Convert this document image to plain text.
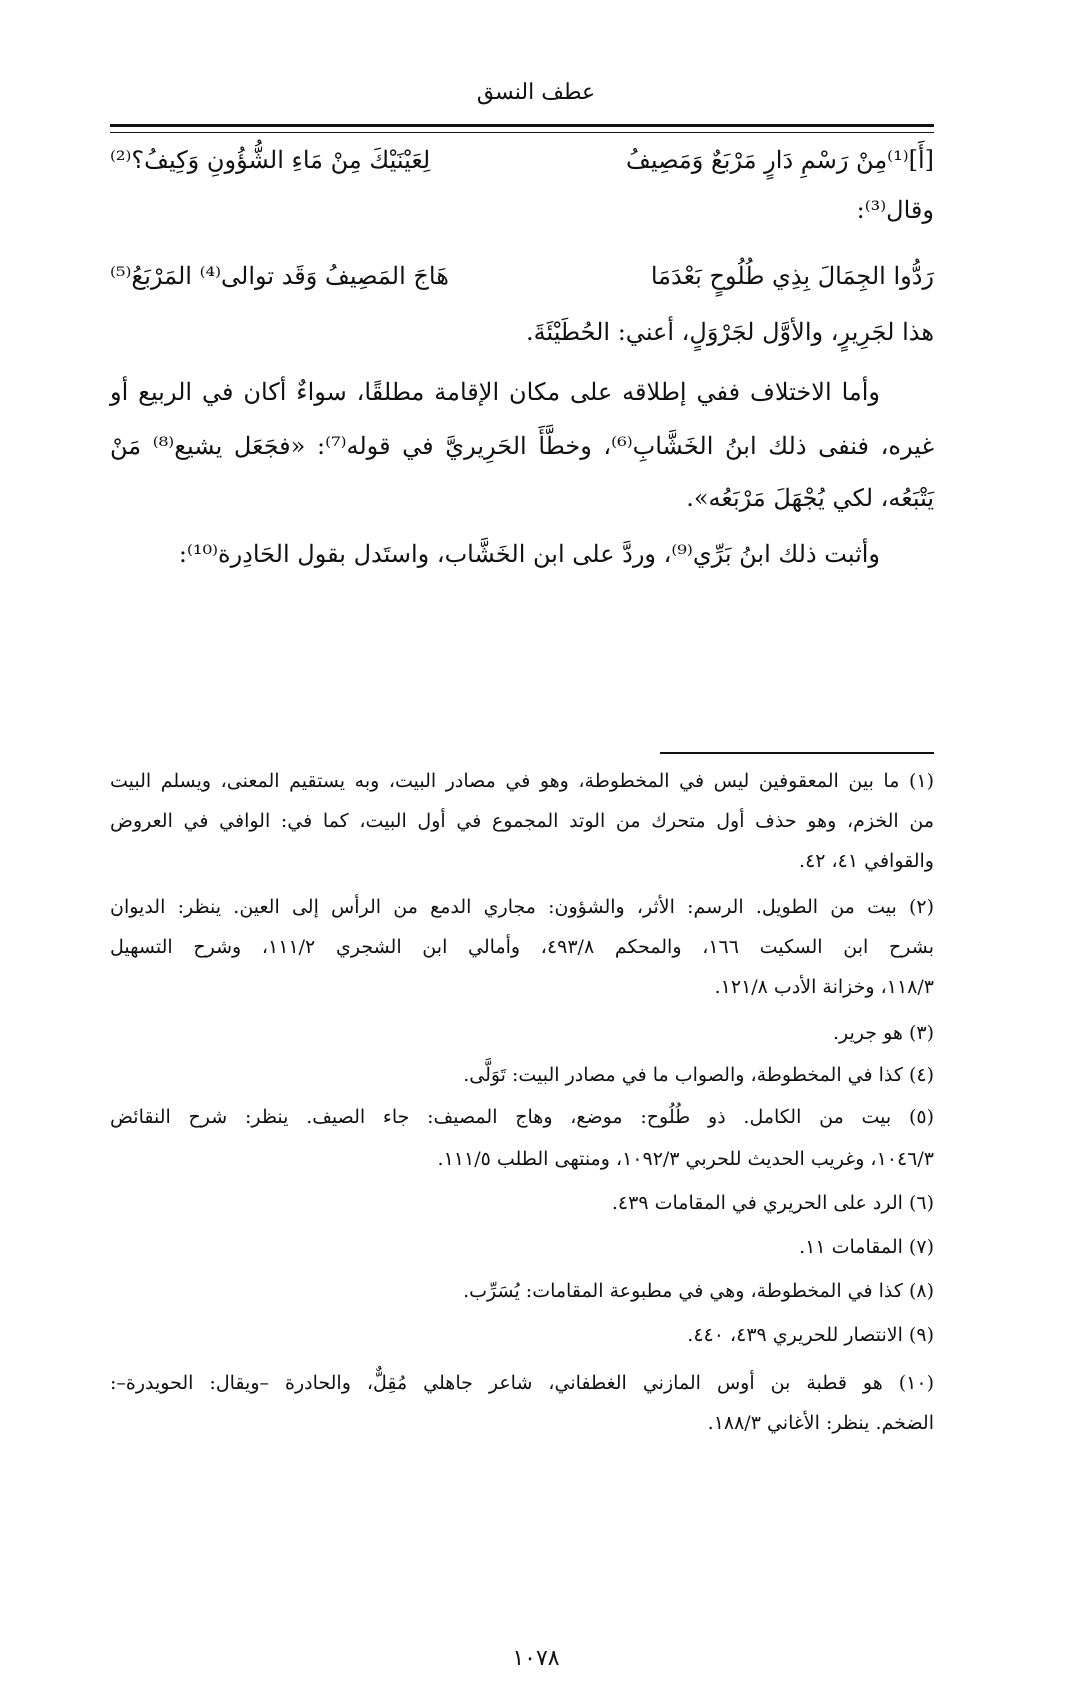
عطف النسق
[أَ]⁽¹⁾مِنْ رَسْمِ دَارٍ مَرْبَعٌ وَمَصِيفُ
لِعَيْنَيْكَ مِنْ مَاءِ الشُّؤُونِ وَكِيفُ؟⁽²⁾
وقال⁽³⁾:
رَدُّوا الجِمَالَ بِذِي طُلُوحٍ بَعْدَمَا
هَاجَ المَصِيفُ وَقَد توالى⁽⁴⁾ المَرْبَعُ⁽⁵⁾
هذا لجَرِيرٍ، والأوَّل لجَرْوَلٍ، أعني: الحُطَيْئَةَ.
وأما الاختلاف ففي إطلاقه على مكان الإقامة مطلقًا، سواءٌ أكان في الربيع أو
غيره، فنفى ذلك ابنُ الخَشَّابِ⁽⁶⁾، وخطَّأَ الحَرِيريَّ في قوله⁽⁷⁾: «فجَعَل يشيع⁽⁸⁾ مَنْ
يَتْبَعُه، لكي يُجْهَلَ مَرْبَعُه».
وأثبت ذلك ابنُ بَرِّي⁽⁹⁾، وردَّ على ابن الخَشَّاب، واستَدل بقول الحَادِرة⁽¹⁰⁾:
(١) ما بين المعقوفين ليس في المخطوطة، وهو في مصادر البيت، وبه يستقيم المعنى، ويسلم البيت
من الخزم، وهو حذف أول متحرك من الوتد المجموع في أول البيت، كما في: الوافي في العروض
والقوافي ٤١، ٤٢.
(٢) بيت من الطويل. الرسم: الأثر، والشؤون: مجاري الدمع من الرأس إلى العين. ينظر: الديوان
بشرح ابن السكيت ١٦٦، والمحكم ٤٩٣/٨، وأمالي ابن الشجري ١١١/٢، وشرح التسهيل
١١٨/٣، وخزانة الأدب ١٢١/٨.
(٣) هو جرير.
(٤) كذا في المخطوطة، والصواب ما في مصادر البيت: تَوَلَّى.
(٥) بيت من الكامل. ذو طُلُوح: موضع، وهاج المصيف: جاء الصيف. ينظر: شرح النقائض
١٠٤٦/٣، وغريب الحديث للحربي ١٠٩٢/٣، ومنتهى الطلب ١١١/٥.
(٦) الرد على الحريري في المقامات ٤٣٩.
(٧) المقامات ١١.
(٨) كذا في المخطوطة، وهي في مطبوعة المقامات: يُسَرِّب.
(٩) الانتصار للحريري ٤٣٩، ٤٤٠.
(١٠) هو قطبة بن أوس المازني الغطفاني، شاعر جاهلي مُقِلٌّ، والحادرة –ويقال: الحويدرة–:
الضخم. ينظر: الأغاني ١٨٨/٣.
١٠٧٨
